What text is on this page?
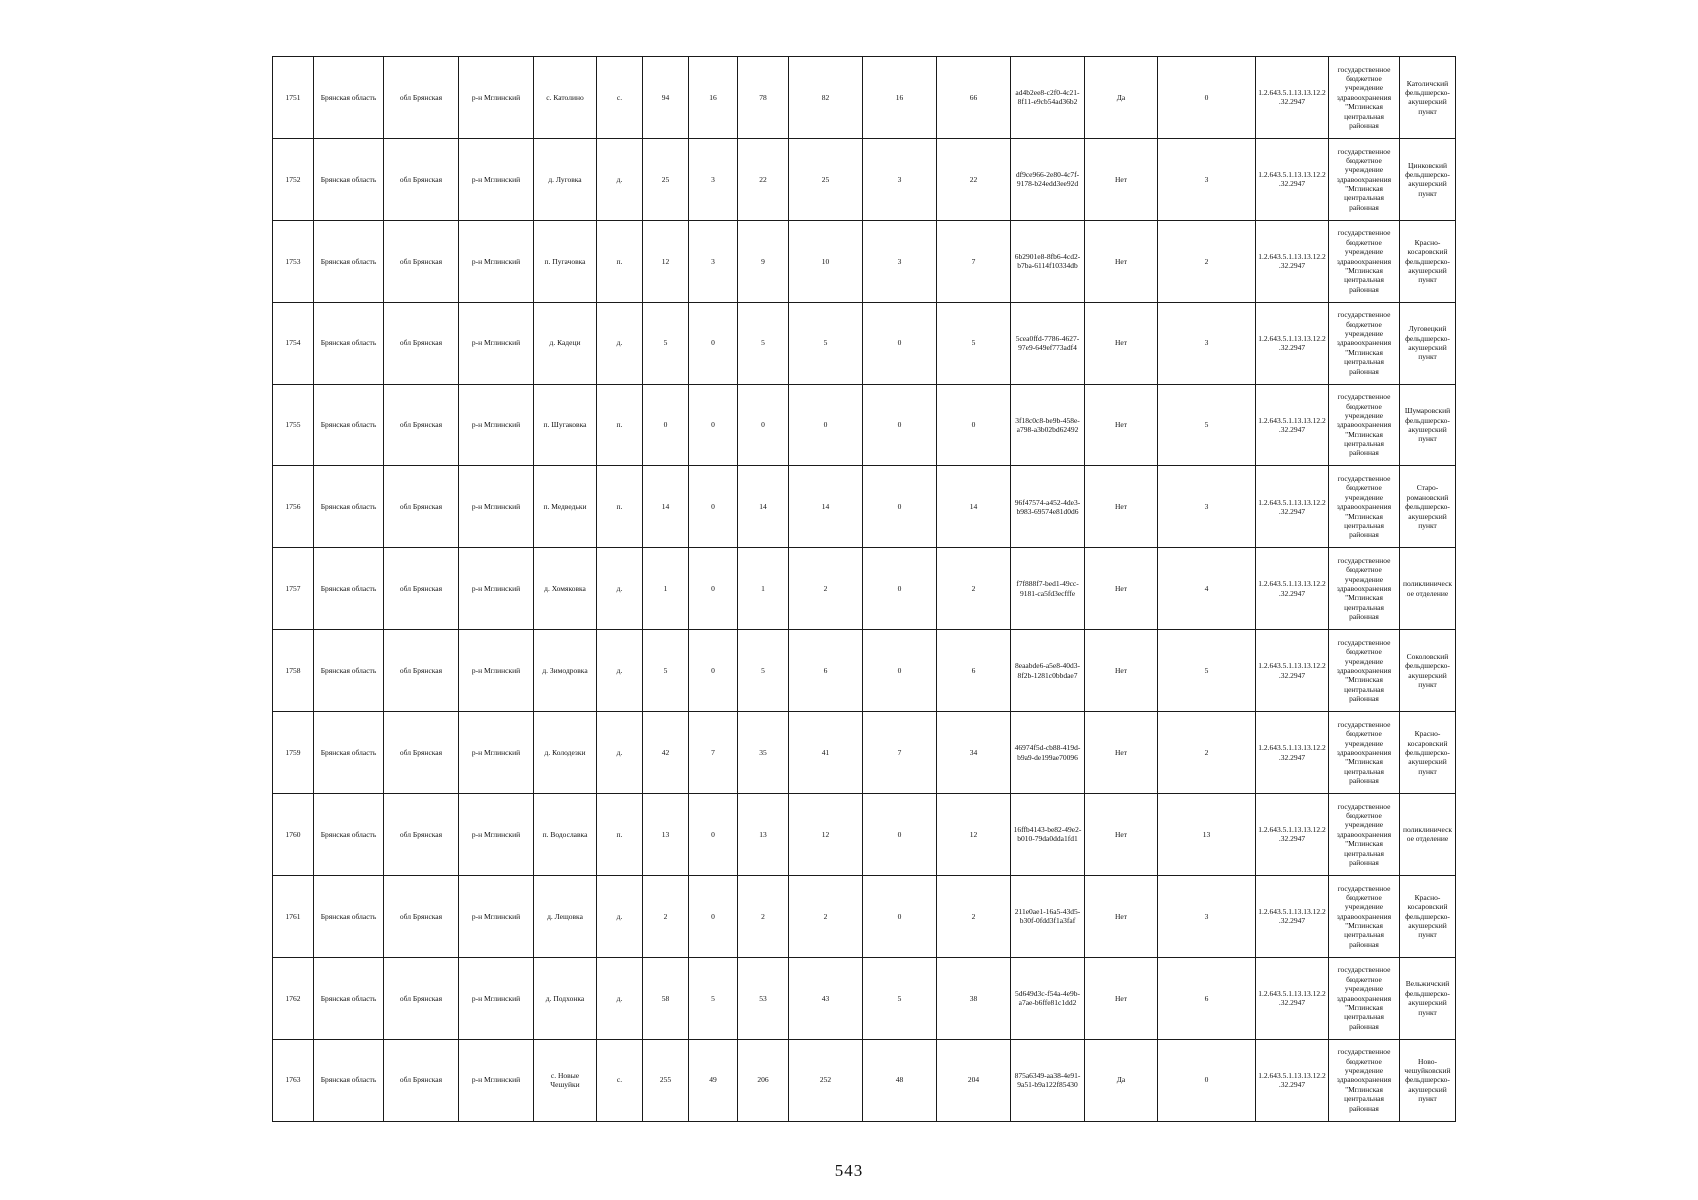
1751	Брянская область	обл Брянская	р-н Мглинский	с. Католино	с.	94	16	78	82	16	66	ad4b2ee8-c2f0-4c21-8f11-e9cb54ad36b2	Да	0	1.2.643.5.1.13.13.12.2.32.2947	государственное бюджетное учреждение здравоохранения "Мглинская центральная районная	Католичский фельдшерско-акушерский пункт
1752	Брянская область	обл Брянская	р-н Мглинский	д. Луговка	д.	25	3	22	25	3	22	df9ce966-2e80-4c7f-9178-b24edd3ee92d	Нет	3	1.2.643.5.1.13.13.12.2.32.2947	государственное бюджетное учреждение здравоохранения "Мглинская центральная районная	Цинковский фельдшерско-акушерский пункт
1753	Брянская область	обл Брянская	р-н Мглинский	п. Пугачовка	п.	12	3	9	10	3	7	6b2901e8-8fb6-4cd2-b7ba-6114f10334db	Нет	2	1.2.643.5.1.13.13.12.2.32.2947	государственное бюджетное учреждение здравоохранения "Мглинская центральная районная	Красно-косаровский фельдшерско-акушерский пункт
1754	Брянская область	обл Брянская	р-н Мглинский	д. Кадеци	д.	5	0	5	5	0	5	5cea0ffd-7786-4627-97e9-649ef773adf4	Нет	3	1.2.643.5.1.13.13.12.2.32.2947	государственное бюджетное учреждение здравоохранения "Мглинская центральная районная	Луговецкий фельдшерско-акушерский пункт
1755	Брянская область	обл Брянская	р-н Мглинский	п. Шугаковка	п.	0	0	0	0	0	0	3f18c0c8-be9b-458e-a798-a3b02bd62492	Нет	5	1.2.643.5.1.13.13.12.2.32.2947	государственное бюджетное учреждение здравоохранения "Мглинская центральная районная	Шумаровский фельдшерско-акушерский пункт
1756	Брянская область	обл Брянская	р-н Мглинский	п. Медведьки	п.	14	0	14	14	0	14	96f47574-a452-4de3-b983-69574e81d0d6	Нет	3	1.2.643.5.1.13.13.12.2.32.2947	государственное бюджетное учреждение здравоохранения "Мглинская центральная районная	Старо-романовский фельдшерско-акушерский пункт
1757	Брянская область	обл Брянская	р-н Мглинский	д. Хомяковка	д.	1	0	1	2	0	2	f7f888f7-bed1-49cc-9181-ca5fd3ecfffe	Нет	4	1.2.643.5.1.13.13.12.2.32.2947	государственное бюджетное учреждение здравоохранения "Мглинская центральная районная	поликлиническое отделение
1758	Брянская область	обл Брянская	р-н Мглинский	д. Зимодровка	д.	5	0	5	6	0	6	8eaabde6-a5e8-40d3-8f2b-1281c0bbdae7	Нет	5	1.2.643.5.1.13.13.12.2.32.2947	государственное бюджетное учреждение здравоохранения "Мглинская центральная районная	Соколовский фельдшерско-акушерский пункт
1759	Брянская область	обл Брянская	р-н Мглинский	д. Колодезки	д.	42	7	35	41	7	34	46974f5d-cb88-419d-b9a9-de199ae70096	Нет	2	1.2.643.5.1.13.13.12.2.32.2947	государственное бюджетное учреждение здравоохранения "Мглинская центральная районная	Красно-косаровский фельдшерско-акушерский пункт
1760	Брянская область	обл Брянская	р-н Мглинский	п. Водославка	п.	13	0	13	12	0	12	16ffb4143-be82-49e2-b010-79da0dda1fd1	Нет	13	1.2.643.5.1.13.13.12.2.32.2947	государственное бюджетное учреждение здравоохранения "Мглинская центральная районная	поликлиническое отделение
1761	Брянская область	обл Брянская	р-н Мглинский	д. Лещовка	д.	2	0	2	2	0	2	211e0ae1-16a5-43d5-b30f-0fdd3f1a3faf	Нет	3	1.2.643.5.1.13.13.12.2.32.2947	государственное бюджетное учреждение здравоохранения "Мглинская центральная районная	Красно-косаровский фельдшерско-акушерский пункт
1762	Брянская область	обл Брянская	р-н Мглинский	д. Подхонка	д.	58	5	53	43	5	38	5d649d3c-f54a-4e9b-a7ae-b6ffe81c1dd2	Нет	6	1.2.643.5.1.13.13.12.2.32.2947	государственное бюджетное учреждение здравоохранения "Мглинская центральная районная	Вельжичский фельдшерско-акушерский пункт
1763	Брянская область	обл Брянская	р-н Мглинский	с. Новые Чешуйки	с.	255	49	206	252	48	204	875a6349-aa38-4e91-9a51-b9a122f85430	Да	0	1.2.643.5.1.13.13.12.2.32.2947	государственное бюджетное учреждение здравоохранения "Мглинская центральная районная	Ново-чешуйковский фельдшерско-акушерский пункт
543
